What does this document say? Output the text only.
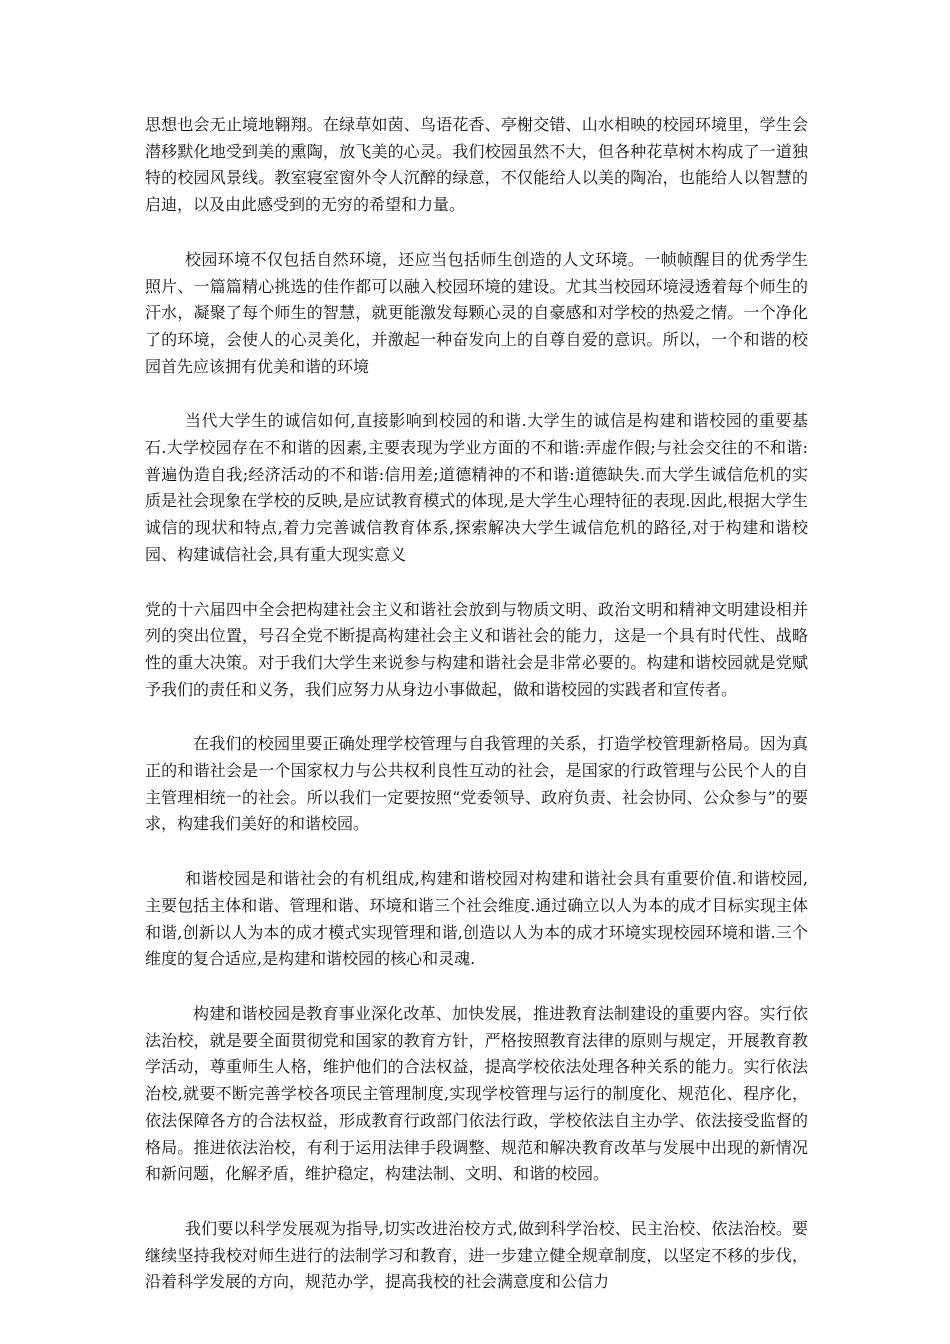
思想也会无止境地翱翔。在绿草如茵、鸟语花香、亭榭交错、山水相映的校园环境里，学生会潜移默化地受到美的熏陶，放飞美的心灵。我们校园虽然不大，但各种花草树木构成了一道独特的校园风景线。教室寝室窗外令人沉醉的绿意，不仅能给人以美的陶冶，也能给人以智慧的启迪，以及由此感受到的无穷的希望和力量。

校园环境不仅包括自然环境，还应当包括师生创造的人文环境。一帧帧醒目的优秀学生照片、一篇篇精心挑选的佳作都可以融入校园环境的建设。尤其当校园环境浸透着每个师生的汗水，凝聚了每个师生的智慧，就更能激发每颗心灵的自豪感和对学校的热爱之情。一个净化了的环境，会使人的心灵美化，并激起一种奋发向上的自尊自爱的意识。所以，一个和谐的校园首先应该拥有优美和谐的环境

当代大学生的诚信如何,直接影响到校园的和谐.大学生的诚信是构建和谐校园的重要基石.大学校园存在不和谐的因素,主要表现为学业方面的不和谐:弄虚作假;与社会交往的不和谐:普遍伪造自我;经济活动的不和谐:信用差;道德精神的不和谐:道德缺失.而大学生诚信危机的实质是社会现象在学校的反映,是应试教育模式的体现,是大学生心理特征的表现.因此,根据大学生诚信的现状和特点,着力完善诚信教育体系,探索解决大学生诚信危机的路径,对于构建和谐校园、构建诚信社会,具有重大现实意义

党的十六届四中全会把构建社会主义和谐社会放到与物质文明、政治文明和精神文明建设相并列的突出位置，号召全党不断提高构建社会主义和谐社会的能力，这是一个具有时代性、战略性的重大决策。对于我们大学生来说参与构建和谐社会是非常必要的。构建和谐校园就是党赋予我们的责任和义务，我们应努力从身边小事做起，做和谐校园的实践者和宣传者。

在我们的校园里要正确处理学校管理与自我管理的关系，打造学校管理新格局。因为真正的和谐社会是一个国家权力与公共权利良性互动的社会，是国家的行政管理与公民个人的自主管理相统一的社会。所以我们一定要按照“党委领导、政府负责、社会协同、公众参与”的要求，构建我们美好的和谐校园。

和谐校园是和谐社会的有机组成,构建和谐校园对构建和谐社会具有重要价值.和谐校园,主要包括主体和谐、管理和谐、环境和谐三个社会维度.通过确立以人为本的成才目标实现主体和谐,创新以人为本的成才模式实现管理和谐,创造以人为本的成才环境实现校园环境和谐.三个维度的复合适应,是构建和谐校园的核心和灵魂.

构建和谐校园是教育事业深化改革、加快发展，推进教育法制建设的重要内容。实行依法治校，就是要全面贯彻党和国家的教育方针，严格按照教育法律的原则与规定，开展教育教学活动，尊重师生人格，维护他们的合法权益，提高学校依法处理各种关系的能力。实行依法治校,就要不断完善学校各项民主管理制度,实现学校管理与运行的制度化、规范化、程序化，依法保障各方的合法权益，形成教育行政部门依法行政，学校依法自主办学、依法接受监督的格局。推进依法治校，有利于运用法律手段调整、规范和解决教育改革与发展中出现的新情况和新问题，化解矛盾，维护稳定，构建法制、文明、和谐的校园。

我们要以科学发展观为指导,切实改进治校方式,做到科学治校、民主治校、依法治校。要继续坚持我校对师生进行的法制学习和教育，进一步建立健全规章制度，以坚定不移的步伐，沿着科学发展的方向，规范办学，提高我校的社会满意度和公信力
